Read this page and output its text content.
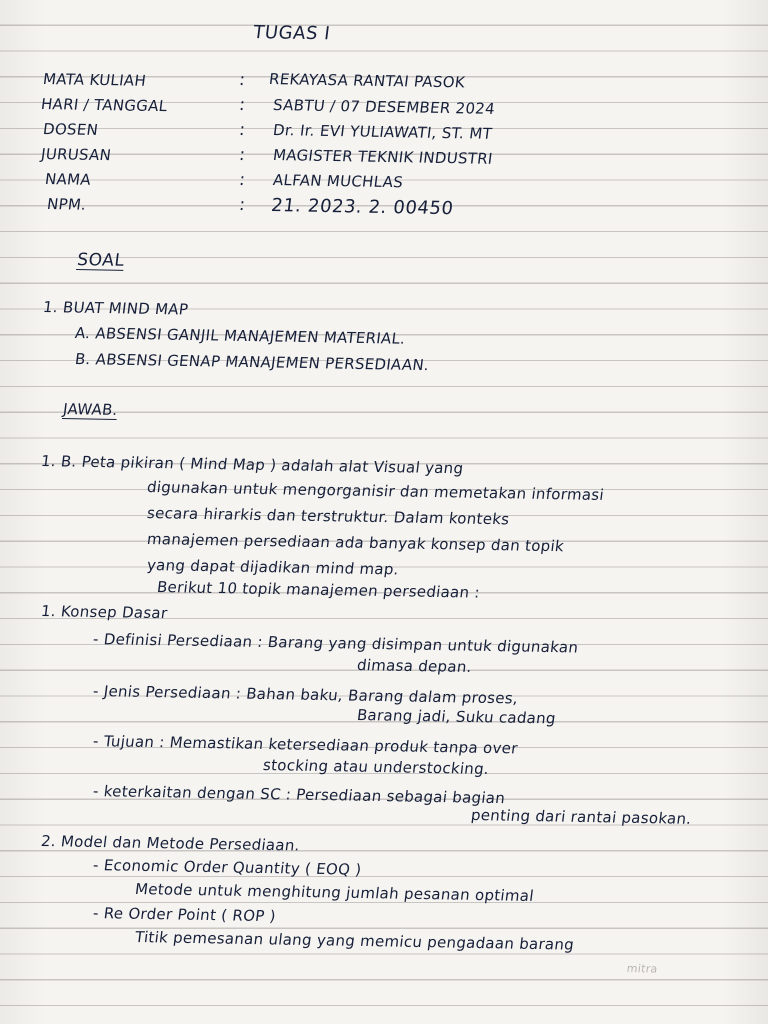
TUGAS I
MATA KULIAH	: REKAYASA RANTAI PASOK
HARI / TANGGAL	: SABTU / 07 DESEMBER 2024
DOSEN	: Dr. Ir. EVI YULIAWATI, ST. MT
JURUSAN	: MAGISTER TEKNIK INDUSTRI
NAMA	: ALFAN MUCHLAS
NPM.	: 21. 2023. 2. 00450
SOAL
1. BUAT MIND MAP
A. ABSENSI GANJIL MANAJEMEN MATERIAL.
B. ABSENSI GENAP MANAJEMEN PERSEDIAAN.
JAWAB.
1. B. Peta pikiran ( Mind Map ) adalah alat Visual yang
digunakan untuk mengorganisir dan memetakan informasi
secara hirarkis dan terstruktur. Dalam konteks
manajemen persediaan ada banyak konsep dan topik
yang dapat dijadikan mind map.
Berikut 10 topik manajemen persediaan :
1. Konsep Dasar
- Definisi Persediaan : Barang yang disimpan untuk digunakan
dimasa depan.
- Jenis Persediaan : Bahan baku, Barang dalam proses,
Barang jadi, Suku cadang
- Tujuan : Memastikan ketersediaan produk tanpa over
stocking atau understocking.
- keterkaitan dengan SC : Persediaan sebagai bagian
penting dari rantai pasokan.
2. Model dan Metode Persediaan.
- Economic Order Quantity ( EOQ )
Metode untuk menghitung jumlah pesanan optimal
- Re Order Point ( ROP )
Titik pemesanan ulang yang memicu pengadaan barang
mitra
